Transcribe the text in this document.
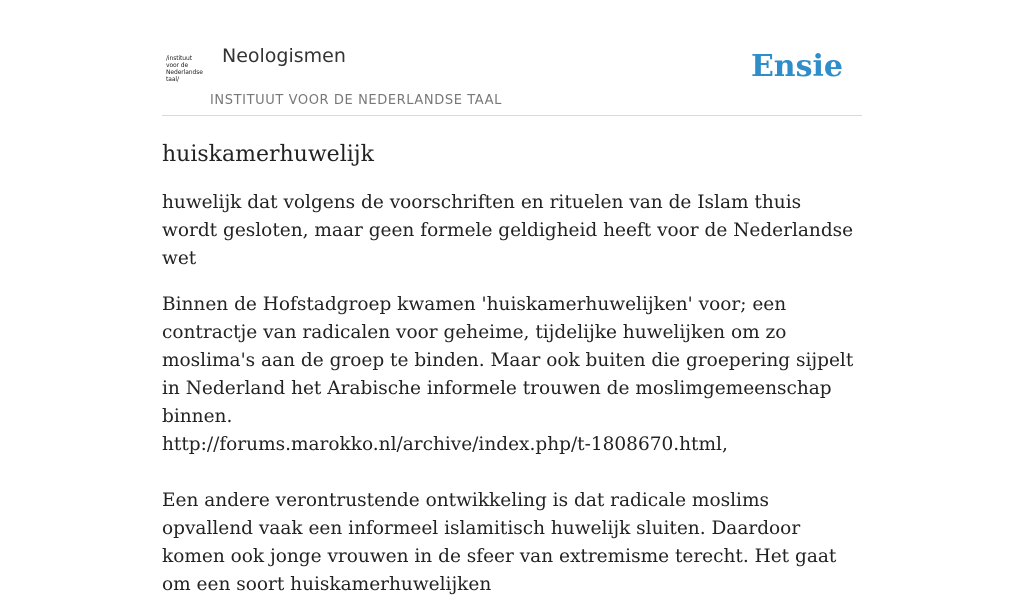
/instituut
voor de
Nederlandse
taal/
Neologismen
INSTITUUT VOOR DE NEDERLANDSE TAAL
Ensie
huiskamerhuwelijk

huwelijk dat volgens de voorschriften en rituelen van de Islam thuis wordt gesloten, maar geen formele geldigheid heeft voor de Nederlandse wet

Binnen de Hofstadgroep kwamen 'huiskamerhuwelijken' voor; een contractje van radicalen voor geheime, tijdelijke huwelijken om zo moslima's aan de groep te binden. Maar ook buiten die groepering sijpelt in Nederland het Arabische informele trouwen de moslimgemeenschap binnen.
http://forums.marokko.nl/archive/index.php/t-1808670.html,

Een andere verontrustende ontwikkeling is dat radicale moslims opvallend vaak een informeel islamitisch huwelijk sluiten. Daardoor komen ook jonge vrouwen in de sfeer van extremisme terecht. Het gaat om een soort huiskamerhuwelijken
